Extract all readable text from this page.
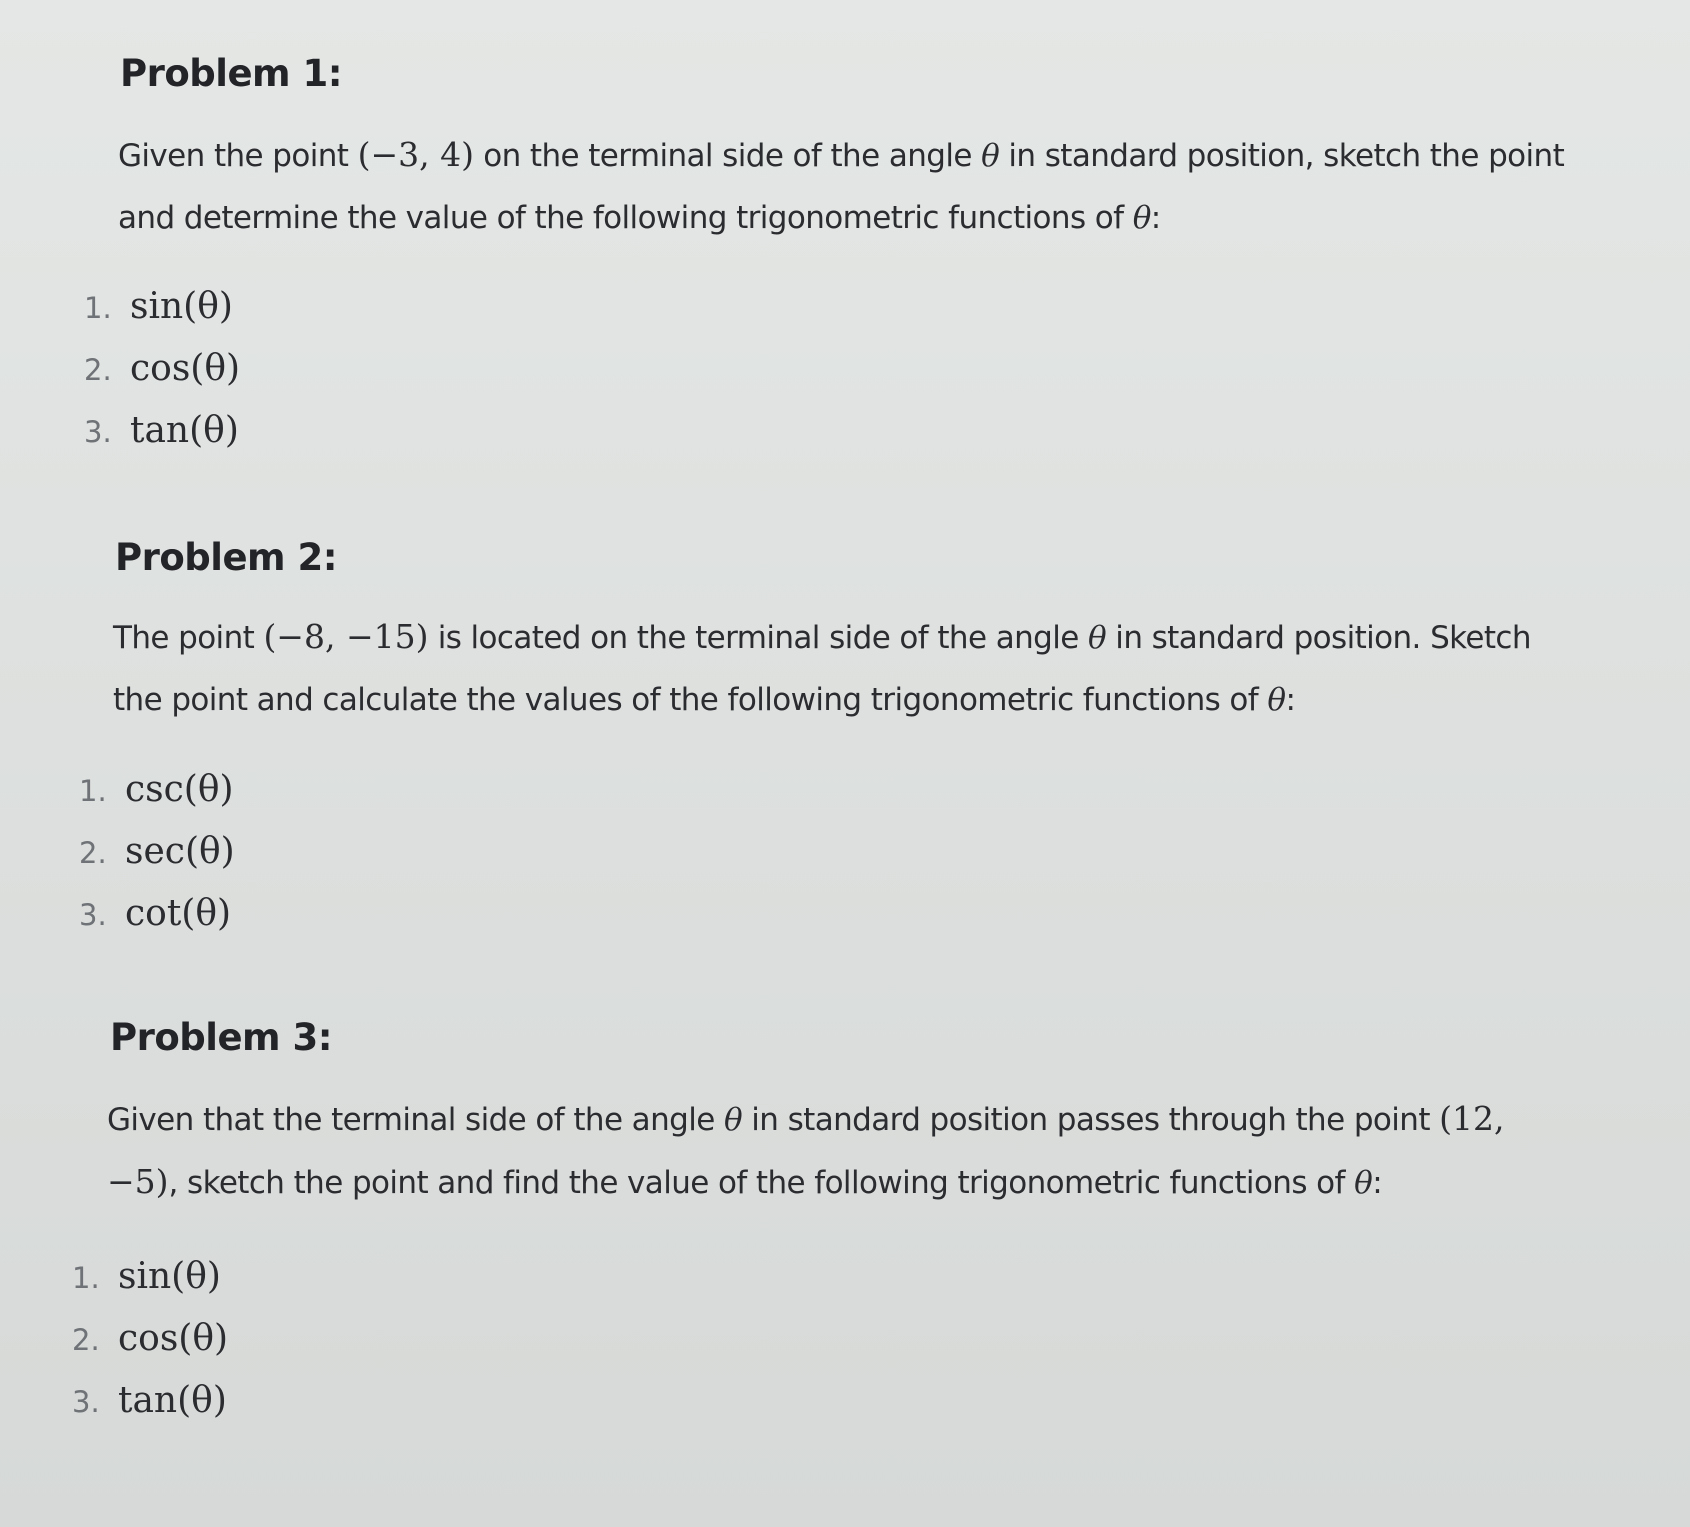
Problem 1:

Given the point (−3, 4) on the terminal side of the angle θ in standard position, sketch the point and determine the value of the following trigonometric functions of θ:

1. sin(θ)
2. cos(θ)
3. tan(θ)
Problem 2:

The point (−8, −15) is located on the terminal side of the angle θ in standard position. Sketch the point and calculate the values of the following trigonometric functions of θ:

1. csc(θ)
2. sec(θ)
3. cot(θ)
Problem 3:

Given that the terminal side of the angle θ in standard position passes through the point (12, −5), sketch the point and find the value of the following trigonometric functions of θ:

1. sin(θ)
2. cos(θ)
3. tan(θ)
